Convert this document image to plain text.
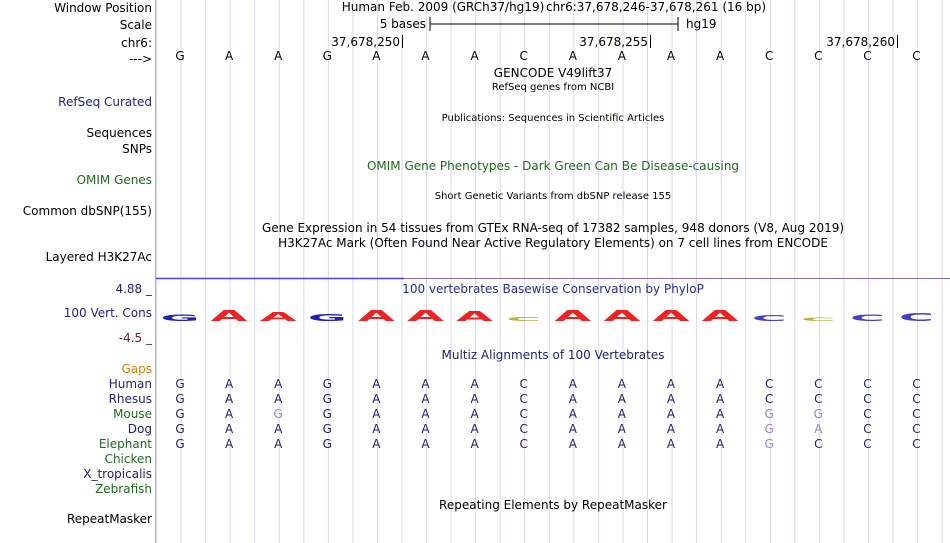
Window Position
Scale
chr6:
--->
RefSeq Curated
Sequences
SNPs
OMIM Genes
Common dbSNP(155)
Layered H3K27Ac
4.88 _
100 Vert. Cons
-4.5 _
Gaps
Human
Rhesus
Mouse
Dog
Elephant
Chicken
X_tropicalis
Zebrafish
RepeatMasker
Human Feb. 2009 (GRCh37/hg19) chr6:37,678,246-37,678,261 (16 bp)
5 bases	hg19
37,678,250	37,678,255	37,678,260
G	A	A	G	A	A	A	C	A	A	A	A	C	C	C	C
GENCODE V49lift37
RefSeq genes from NCBI
Publications: Sequences in Scientific Articles
OMIM Gene Phenotypes - Dark Green Can Be Disease-causing
Short Genetic Variants from dbSNP release 155
Gene Expression in 54 tissues from GTEx RNA-seq of 17382 samples, 948 donors (V8, Aug 2019)
H3K27Ac Mark (Often Found Near Active Regulatory Elements) on 7 cell lines from ENCODE
100 vertebrates Basewise Conservation by PhyloP
G A A G A A A C A A A A C C C C
Multiz Alignments of 100 Vertebrates
G	A	A	G	A	A	A	C	A	A	A	A	C	C	C	C
G	A	A	G	A	A	A	C	A	A	A	A	C	C	C	C
G	A	G	G	A	A	A	C	A	A	A	A	G	G	C	C
G	A	A	G	A	A	A	C	A	A	A	A	G	A	C	C
G	A	A	G	A	A	A	C	A	A	A	A	G	C	C	C
Repeating Elements by RepeatMasker
